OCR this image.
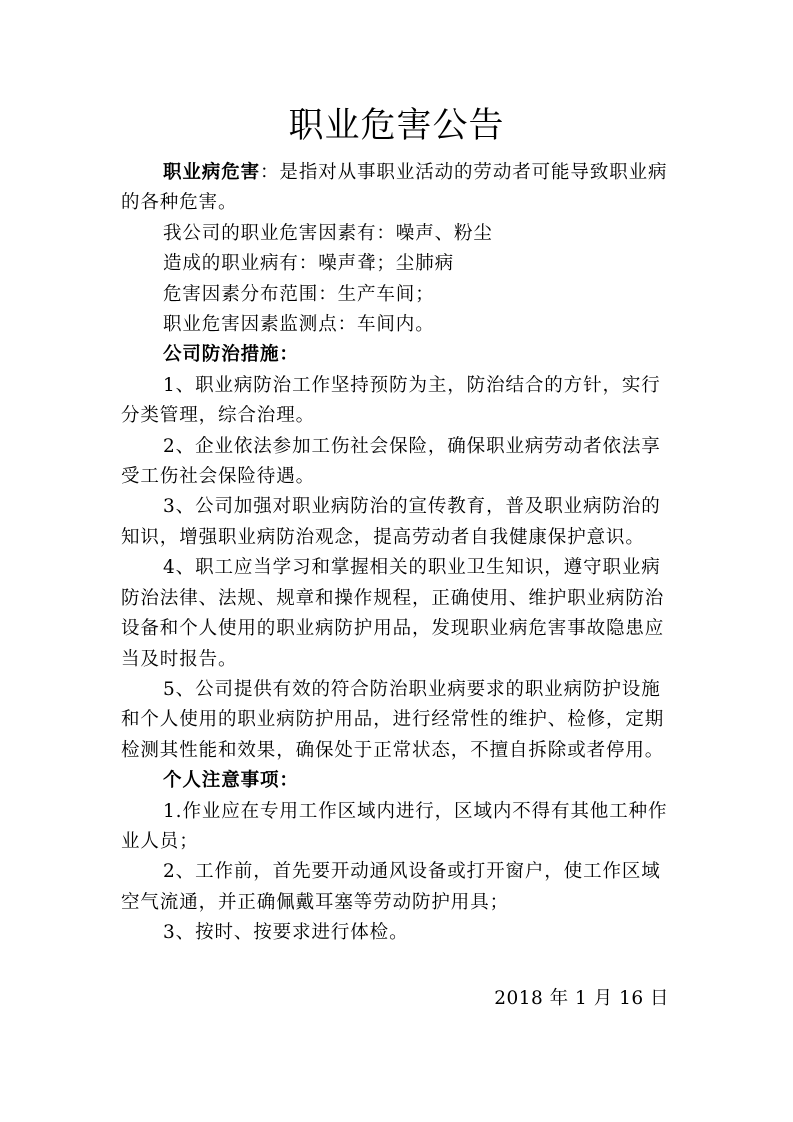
职业危害公告

职业病危害：是指对从事职业活动的劳动者可能导致职业病的各种危害。

我公司的职业危害因素有：噪声、粉尘

造成的职业病有：噪声聋；尘肺病

危害因素分布范围：生产车间；

职业危害因素监测点：车间内。

公司防治措施：

1、职业病防治工作坚持预防为主，防治结合的方针，实行分类管理，综合治理。

2、企业依法参加工伤社会保险，确保职业病劳动者依法享受工伤社会保险待遇。

3、公司加强对职业病防治的宣传教育，普及职业病防治的知识，增强职业病防治观念，提高劳动者自我健康保护意识。

4、职工应当学习和掌握相关的职业卫生知识，遵守职业病防治法律、法规、规章和操作规程，正确使用、维护职业病防治设备和个人使用的职业病防护用品，发现职业病危害事故隐患应当及时报告。

5、公司提供有效的符合防治职业病要求的职业病防护设施和个人使用的职业病防护用品，进行经常性的维护、检修，定期检测其性能和效果，确保处于正常状态，不擅自拆除或者停用。

个人注意事项：

1.作业应在专用工作区域内进行，区域内不得有其他工种作业人员；

2、工作前，首先要开动通风设备或打开窗户，使工作区域空气流通，并正确佩戴耳塞等劳动防护用具；

3、按时、按要求进行体检。

2018 年 1 月 16 日
